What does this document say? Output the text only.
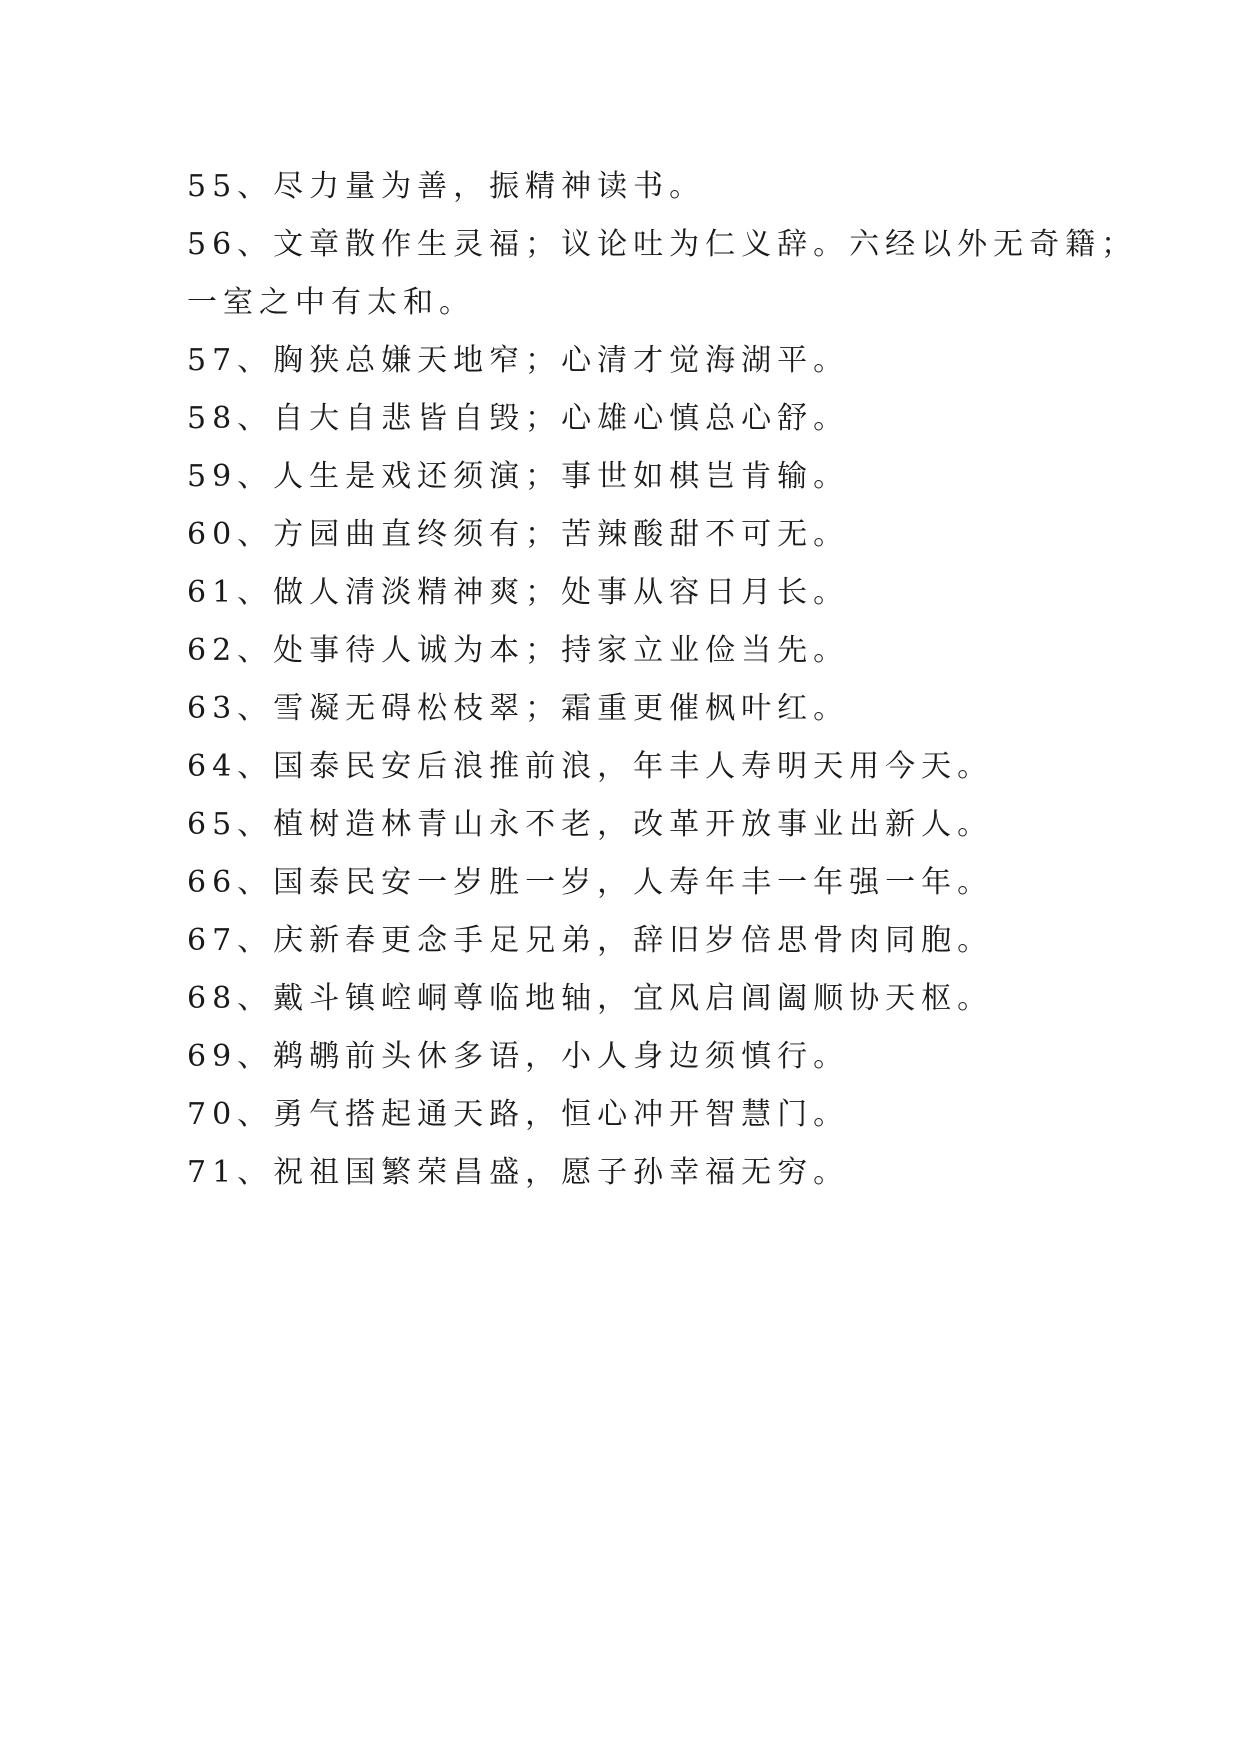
55、尽力量为善，振精神读书。
56、文章散作生灵福；议论吐为仁义辞。六经以外无奇籍；
一室之中有太和。
57、胸狭总嫌天地窄；心清才觉海湖平。
58、自大自悲皆自毁；心雄心慎总心舒。
59、人生是戏还须演；事世如棋岂肯输。
60、方园曲直终须有；苦辣酸甜不可无。
61、做人清淡精神爽；处事从容日月长。
62、处事待人诚为本；持家立业俭当先。
63、雪凝无碍松枝翠；霜重更催枫叶红。
64、国泰民安后浪推前浪，年丰人寿明天用今天。
65、植树造林青山永不老，改革开放事业出新人。
66、国泰民安一岁胜一岁，人寿年丰一年强一年。
67、庆新春更念手足兄弟，辞旧岁倍思骨肉同胞。
68、戴斗镇崆峒尊临地轴，宜风启阊阖顺协天枢。
69、鹈鹕前头休多语，小人身边须慎行。
70、勇气搭起通天路，恒心冲开智慧门。
71、祝祖国繁荣昌盛，愿子孙幸福无穷。
